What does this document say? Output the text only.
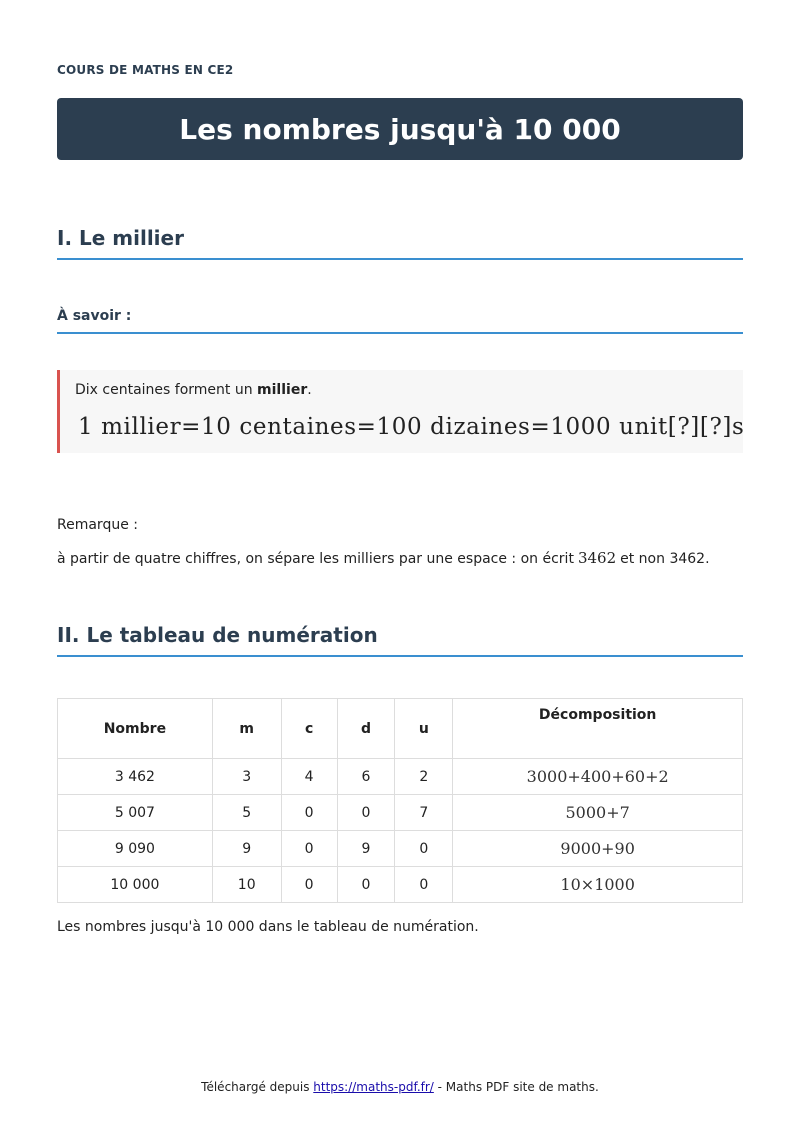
COURS DE MATHS EN CE2
Les nombres jusqu'à 10 000
I. Le millier
À savoir :
Dix centaines forment un millier.
1 millier=10 centaines=100 dizaines=1000 unit[?][?]s
Remarque :
à partir de quatre chiffres, on sépare les milliers par une espace : on écrit 3462 et non 3462.
II. Le tableau de numération
Nombre	m	c	d	u	Décomposition
3 462	3	4	6	2	3000+400+60+2
5 007	5	0	0	7	5000+7
9 090	9	0	9	0	9000+90
10 000	10	0	0	0	10×1000
Les nombres jusqu'à 10 000 dans le tableau de numération.
Téléchargé depuis https://maths-pdf.fr/ - Maths PDF site de maths.
